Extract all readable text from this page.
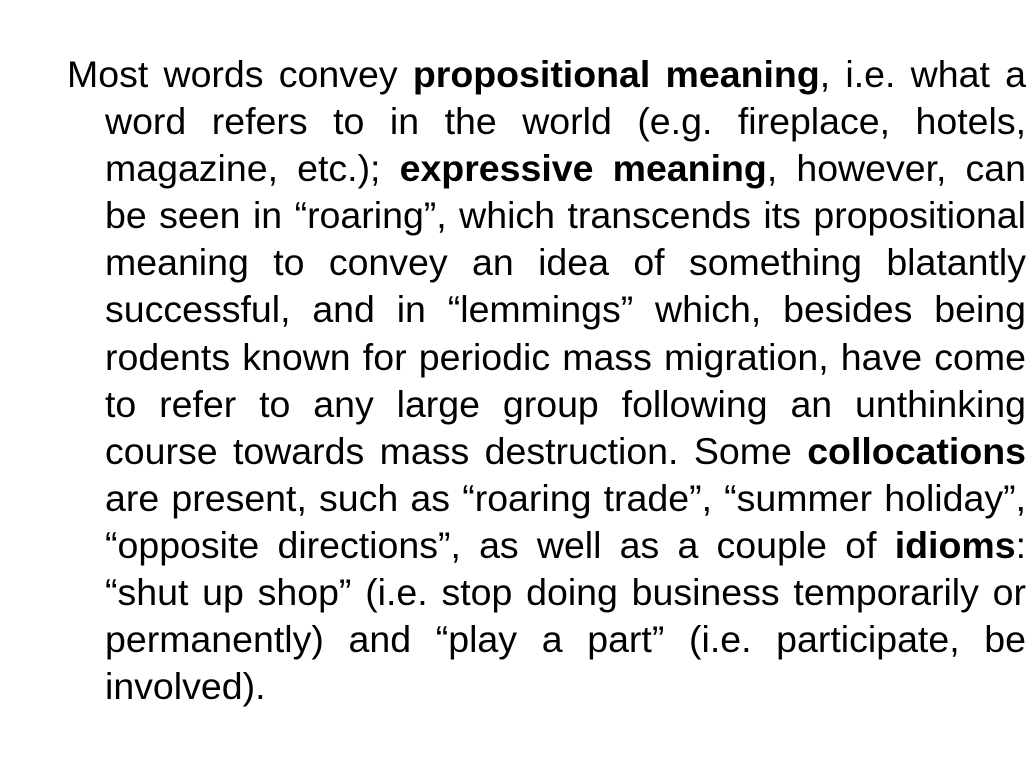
Most words convey propositional meaning, i.e. what a word refers to in the world (e.g. fireplace, hotels, magazine, etc.); expressive meaning, however, can be seen in “roaring”, which transcends its propositional meaning to convey an idea of something blatantly successful, and in “lemmings” which, besides being rodents known for periodic mass migration, have come to refer to any large group following an unthinking course towards mass destruction. Some collocations are present, such as “roaring trade”, “summer holiday”, “opposite directions”, as well as a couple of idioms: “shut up shop” (i.e. stop doing business temporarily or permanently) and “play a part” (i.e. participate, be involved).
